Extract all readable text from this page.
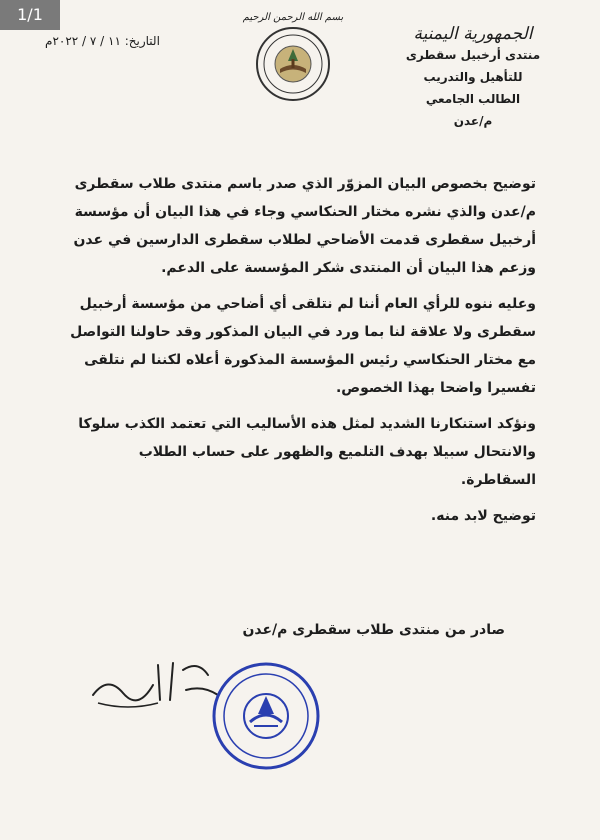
1/1
الجمهورية اليمنية
منتدى أرخبيل سقطرى
للتأهيل والتدريب
الطالب الجامعي
م/عدن
بسم الله الرحمن الرحيم
التاريخ: ١١ / ٧ / ٢٠٢٢م

توضيح بخصوص البيان المزوّر الذي صدر باسم منتدى طلاب سقطرى م/عدن والذي نشره مختار الحنكاسي وجاء في هذا البيان أن مؤسسة أرخبيل سقطرى قدمت الأضاحي لطلاب سقطرى الدارسين في عدن وزعم هذا البيان أن المنتدى شكر المؤسسة على الدعم.

وعليه ننوه للرأي العام أننا لم نتلقى أي أضاحي من مؤسسة أرخبيل سقطرى ولا علاقة لنا بما ورد في البيان المذكور وقد حاولنا التواصل مع مختار الحنكاسي رئيس المؤسسة المذكورة أعلاه لكننا لم نتلقى تفسيرا واضحا بهذا الخصوص.

ونؤكد استنكارنا الشديد لمثل هذه الأساليب التي تعتمد الكذب سلوكا والانتحال سبيلا بهدف التلميع والظهور على حساب الطلاب السقاطرة.

توضيح لابد منه.

صادر من منتدى طلاب سقطرى م/عدن
